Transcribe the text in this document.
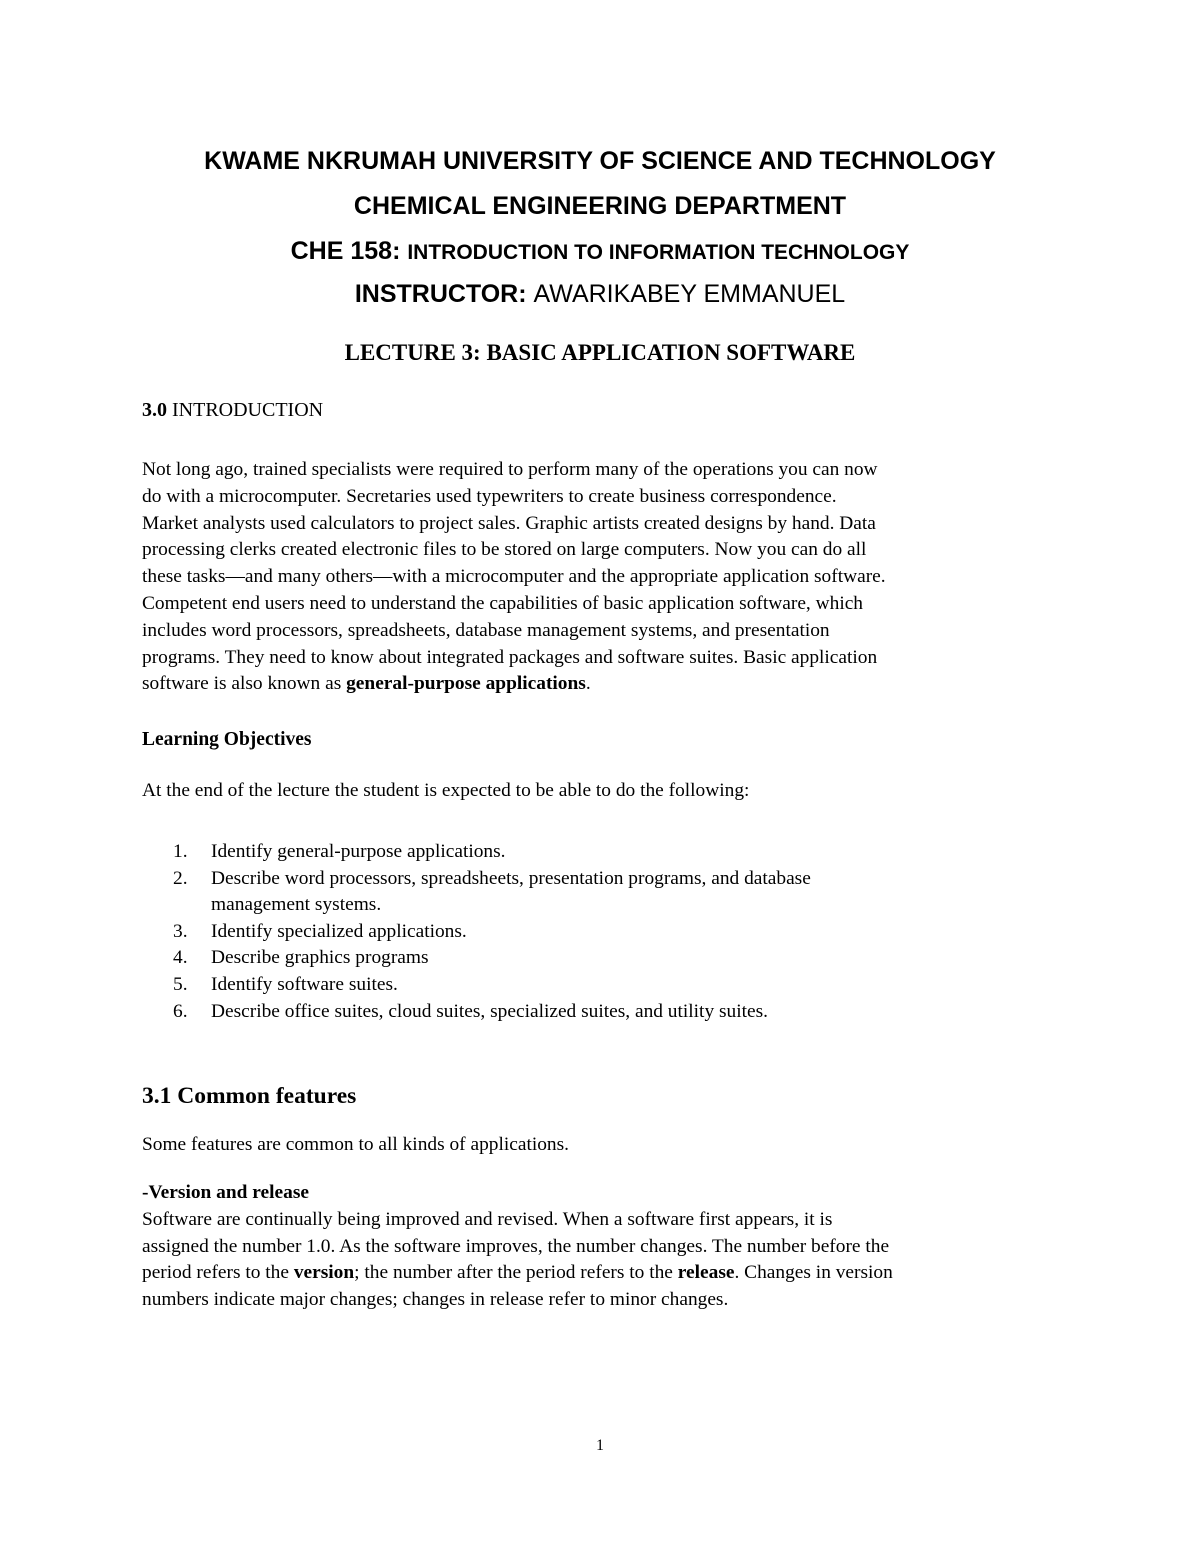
KWAME NKRUMAH UNIVERSITY OF SCIENCE AND TECHNOLOGY
CHEMICAL ENGINEERING DEPARTMENT
CHE 158: INTRODUCTION TO INFORMATION TECHNOLOGY
INSTRUCTOR: AWARIKABEY EMMANUEL
LECTURE 3: BASIC APPLICATION SOFTWARE
3.0 INTRODUCTION
Not long ago, trained specialists were required to perform many of the operations you can now
do with a microcomputer. Secretaries used typewriters to create business correspondence.
Market analysts used calculators to project sales. Graphic artists created designs by hand. Data
processing clerks created electronic files to be stored on large computers. Now you can do all
these tasks—and many others—with a microcomputer and the appropriate application software.
Competent end users need to understand the capabilities of basic application software, which
includes word processors, spreadsheets, database management systems, and presentation
programs. They need to know about integrated packages and software suites. Basic application
software is also known as general-purpose applications.
Learning Objectives
At the end of the lecture the student is expected to be able to do the following:
1. Identify general-purpose applications.
2. Describe word processors, spreadsheets, presentation programs, and database
management systems.
3. Identify specialized applications.
4. Describe graphics programs
5. Identify software suites.
6. Describe office suites, cloud suites, specialized suites, and utility suites.
3.1 Common features
Some features are common to all kinds of applications.
-Version and release
Software are continually being improved and revised. When a software first appears, it is
assigned the number 1.0. As the software improves, the number changes. The number before the
period refers to the version; the number after the period refers to the release. Changes in version
numbers indicate major changes; changes in release refer to minor changes.
1
